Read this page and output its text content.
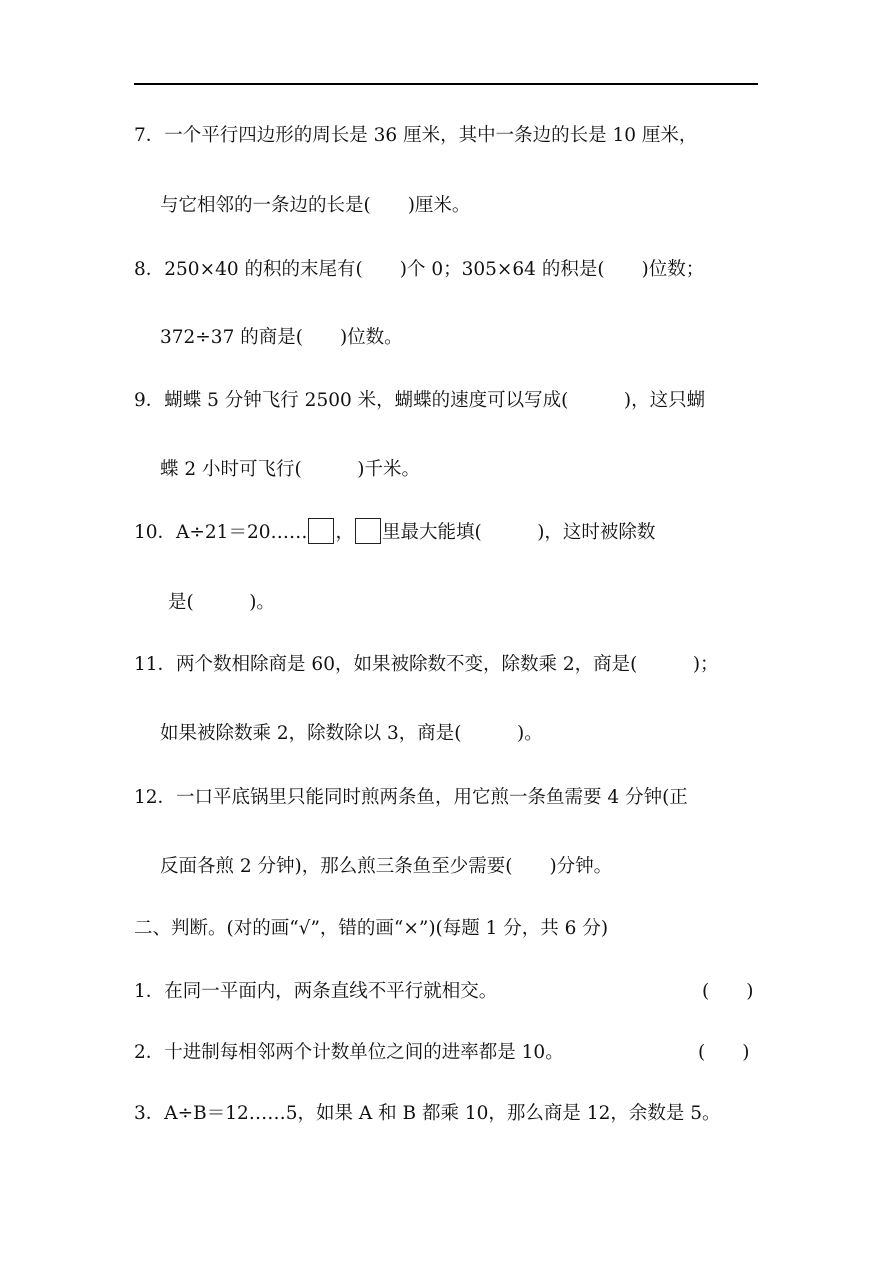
7．一个平行四边形的周长是 36 厘米，其中一条边的长是 10 厘米，

与它相邻的一条边的长是(　　)厘米。

8．250×40 的积的末尾有(　　)个 0；305×64 的积是(　　)位数；

372÷37 的商是(　　)位数。

9．蝴蝶 5 分钟飞行 2500 米，蝴蝶的速度可以写成(　　　)，这只蝴

蝶 2 小时可飞行(　　　)千米。

10．A÷21＝20…… ， 里最大能填(　　　)，这时被除数

是(　　　)。

11．两个数相除商是 60，如果被除数不变，除数乘 2，商是(　　　)；

如果被除数乘 2，除数除以 3，商是(　　　)。

12．一口平底锅里只能同时煎两条鱼，用它煎一条鱼需要 4 分钟(正

反面各煎 2 分钟)，那么煎三条鱼至少需要(　　)分钟。

二、判断。(对的画“√”，错的画“×”)(每题 1 分，共 6 分)

1．在同一平面内，两条直线不平行就相交。	(　　)

2．十进制每相邻两个计数单位之间的进率都是 10。	(　　)

3．A÷B＝12……5，如果 A 和 B 都乘 10，那么商是 12，余数是 5。
